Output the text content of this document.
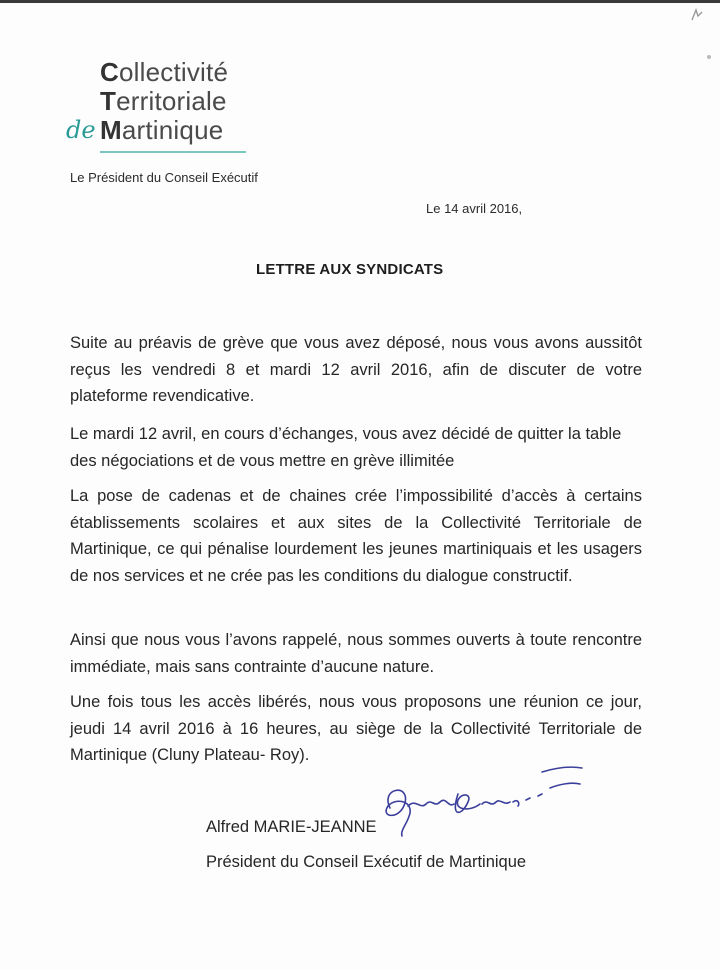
Collectivité
Territoriale
de Martinique
Le Président du Conseil Exécutif
Le 14 avril 2016,
LETTRE AUX SYNDICATS
Suite au préavis de grève que vous avez déposé, nous vous avons aussitôt reçus les vendredi 8 et mardi 12 avril 2016, afin de discuter de votre plateforme revendicative.
Le mardi 12 avril, en cours d’échanges, vous avez décidé de quitter la table des négociations et de vous mettre en grève illimitée
La pose de cadenas et de chaines crée l’impossibilité d’accès à certains établissements scolaires et aux sites de la Collectivité Territoriale de Martinique, ce qui pénalise lourdement les jeunes martiniquais et les usagers de nos services et ne crée pas les conditions du dialogue constructif.
Ainsi que nous vous l’avons rappelé, nous sommes ouverts à toute rencontre immédiate, mais sans contrainte d’aucune nature.
Une fois tous les accès libérés, nous vous proposons une réunion ce jour, jeudi 14 avril 2016 à 16 heures, au siège de la Collectivité Territoriale de Martinique (Cluny Plateau- Roy).
Alfred MARIE-JEANNE
Président du Conseil Exécutif de Martinique
